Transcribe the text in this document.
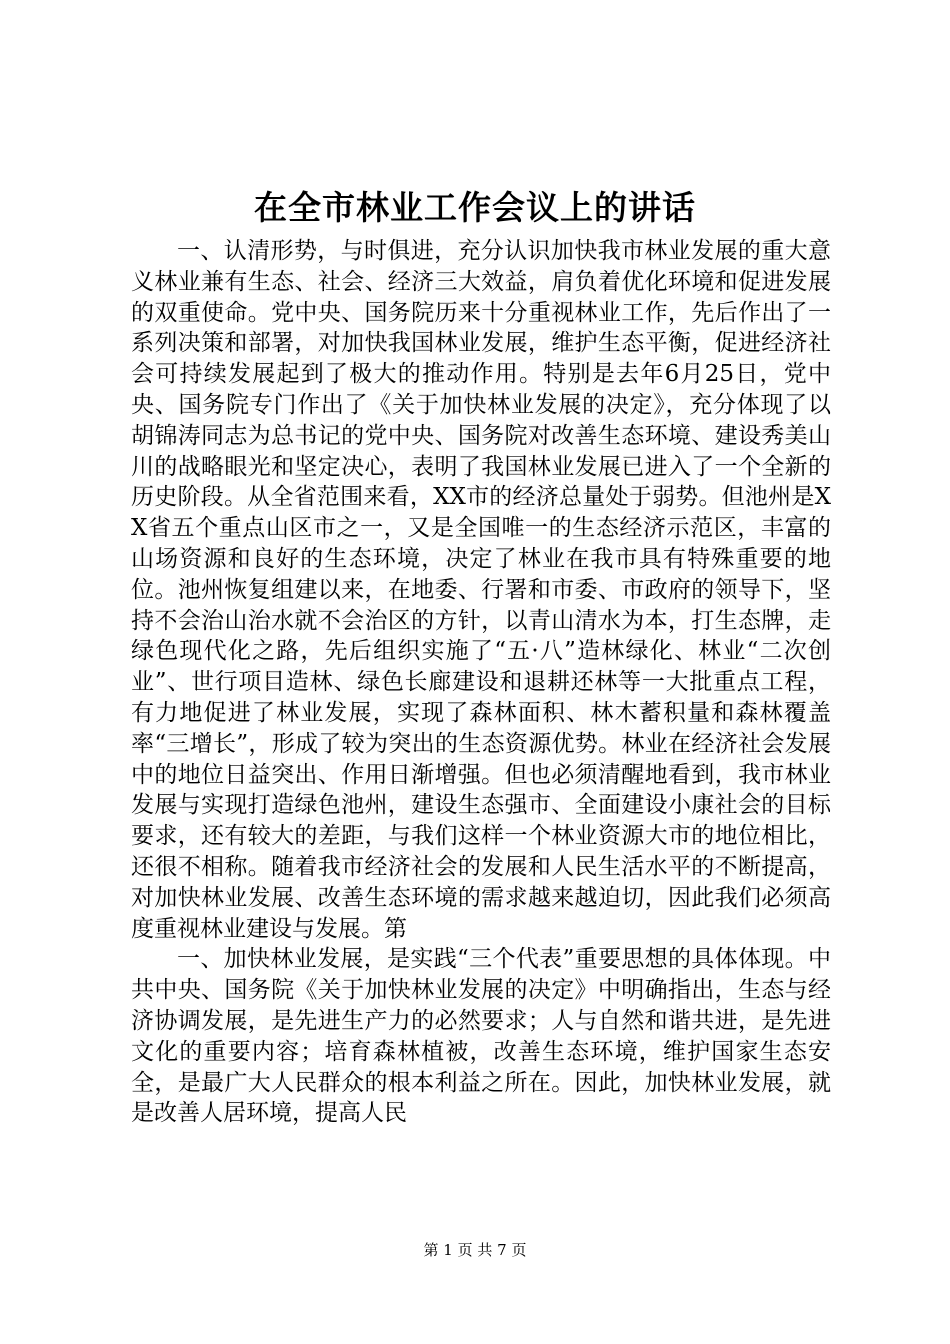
在全市林业工作会议上的讲话

一、认清形势，与时俱进，充分认识加快我市林业发展的重大意义林业兼有生态、社会、经济三大效益，肩负着优化环境和促进发展的双重使命。党中央、国务院历来十分重视林业工作，先后作出了一系列决策和部署，对加快我国林业发展，维护生态平衡，促进经济社会可持续发展起到了极大的推动作用。特别是去年6月25日，党中央、国务院专门作出了《关于加快林业发展的决定》，充分体现了以胡锦涛同志为总书记的党中央、国务院对改善生态环境、建设秀美山川的战略眼光和坚定决心，表明了我国林业发展已进入了一个全新的历史阶段。从全省范围来看，XX市的经济总量处于弱势。但池州是XX省五个重点山区市之一，又是全国唯一的生态经济示范区，丰富的山场资源和良好的生态环境，决定了林业在我市具有特殊重要的地位。池州恢复组建以来，在地委、行署和市委、市政府的领导下，坚持不会治山治水就不会治区的方针，以青山清水为本，打生态牌，走绿色现代化之路，先后组织实施了“五·八”造林绿化、林业“二次创业”、世行项目造林、绿色长廊建设和退耕还林等一大批重点工程，有力地促进了林业发展，实现了森林面积、林木蓄积量和森林覆盖率“三增长”，形成了较为突出的生态资源优势。林业在经济社会发展中的地位日益突出、作用日渐增强。但也必须清醒地看到，我市林业发展与实现打造绿色池州，建设生态强市、全面建设小康社会的目标要求，还有较大的差距，与我们这样一个林业资源大市的地位相比，还很不相称。随着我市经济社会的发展和人民生活水平的不断提高，对加快林业发展、改善生态环境的需求越来越迫切，因此我们必须高度重视林业建设与发展。第

一、加快林业发展，是实践“三个代表”重要思想的具体体现。中共中央、国务院《关于加快林业发展的决定》中明确指出，生态与经济协调发展，是先进生产力的必然要求；人与自然和谐共进，是先进文化的重要内容；培育森林植被，改善生态环境，维护国家生态安全，是最广大人民群众的根本利益之所在。因此，加快林业发展，就是改善人居环境，提高人民

第 1 页 共 7 页
